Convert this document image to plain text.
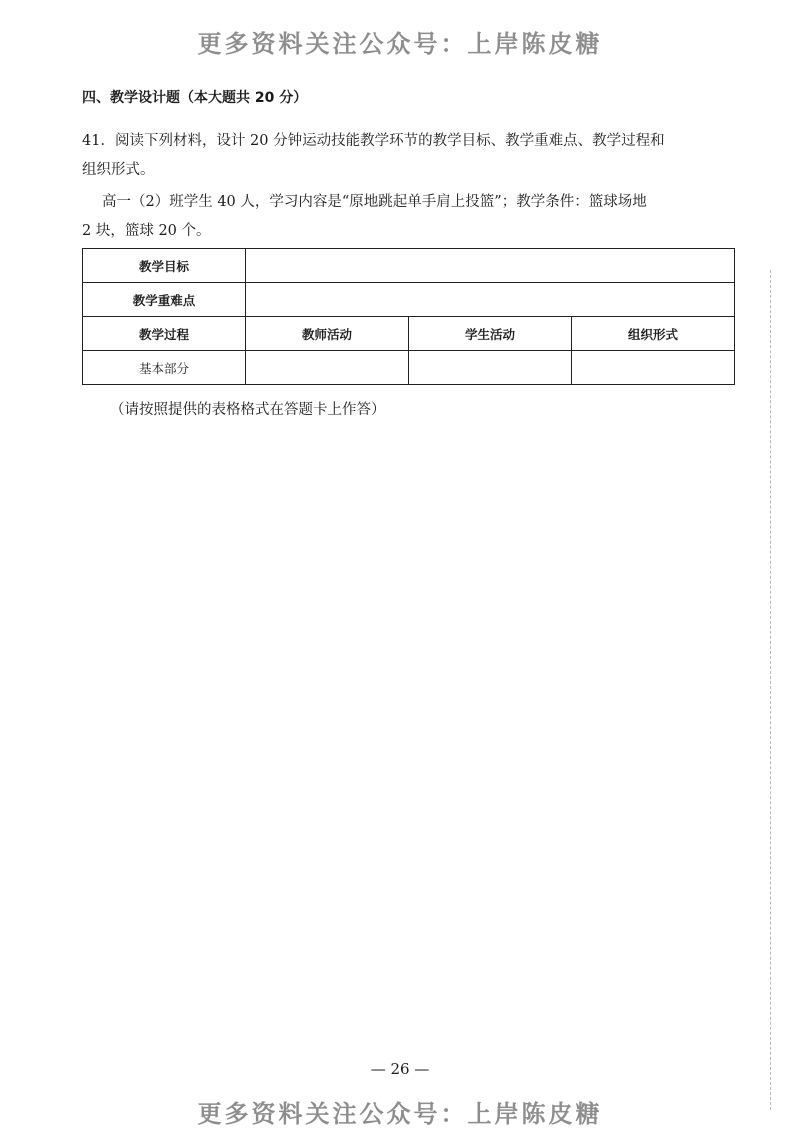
更多资料关注公众号：上岸陈皮糖
四、教学设计题（本大题共 20 分）
41．阅读下列材料，设计 20 分钟运动技能教学环节的教学目标、教学重难点、教学过程和
组织形式。
高一（2）班学生 40 人，学习内容是“原地跳起单手肩上投篮”；教学条件：篮球场地
2 块，篮球 20 个。
教学目标			
教学重难点			
教学过程	教师活动	学生活动	组织形式
基本部分			
（请按照提供的表格格式在答题卡上作答）
— 26 —
更多资料关注公众号：上岸陈皮糖
